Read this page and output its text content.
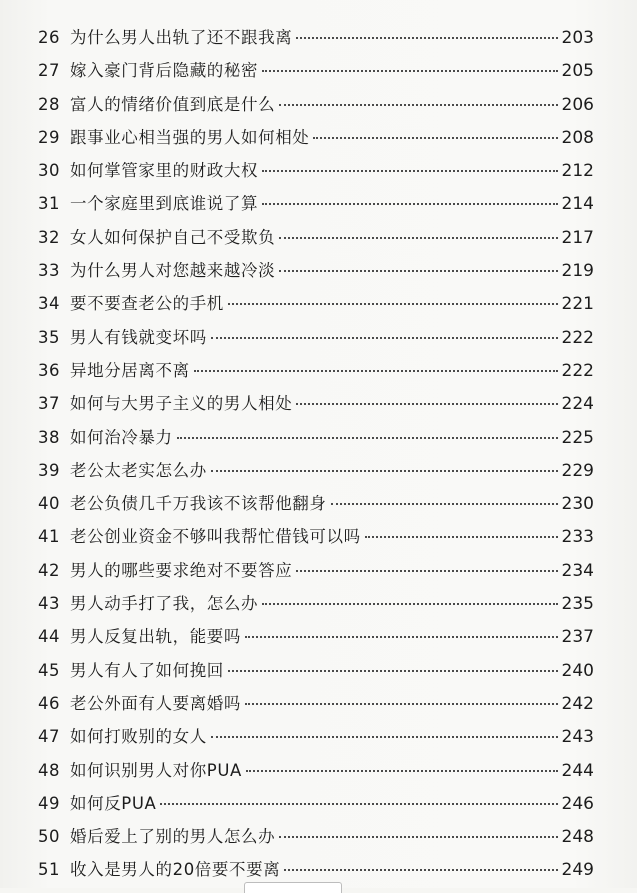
26 为什么男人出轨了还不跟我离	203
27 嫁入豪门背后隐藏的秘密	205
28 富人的情绪价值到底是什么	206
29 跟事业心相当强的男人如何相处	208
30 如何掌管家里的财政大权	212
31 一个家庭里到底谁说了算	214
32 女人如何保护自己不受欺负	217
33 为什么男人对您越来越冷淡	219
34 要不要查老公的手机	221
35 男人有钱就变坏吗	222
36 异地分居离不离	222
37 如何与大男子主义的男人相处	224
38 如何治冷暴力	225
39 老公太老实怎么办	229
40 老公负债几千万我该不该帮他翻身	230
41 老公创业资金不够叫我帮忙借钱可以吗	233
42 男人的哪些要求绝对不要答应	234
43 男人动手打了我，怎么办	235
44 男人反复出轨，能要吗	237
45 男人有人了如何挽回	240
46 老公外面有人要离婚吗	242
47 如何打败别的女人	243
48 如何识别男人对你PUA	244
49 如何反PUA	246
50 婚后爱上了别的男人怎么办	248
51 收入是男人的20倍要不要离	249
